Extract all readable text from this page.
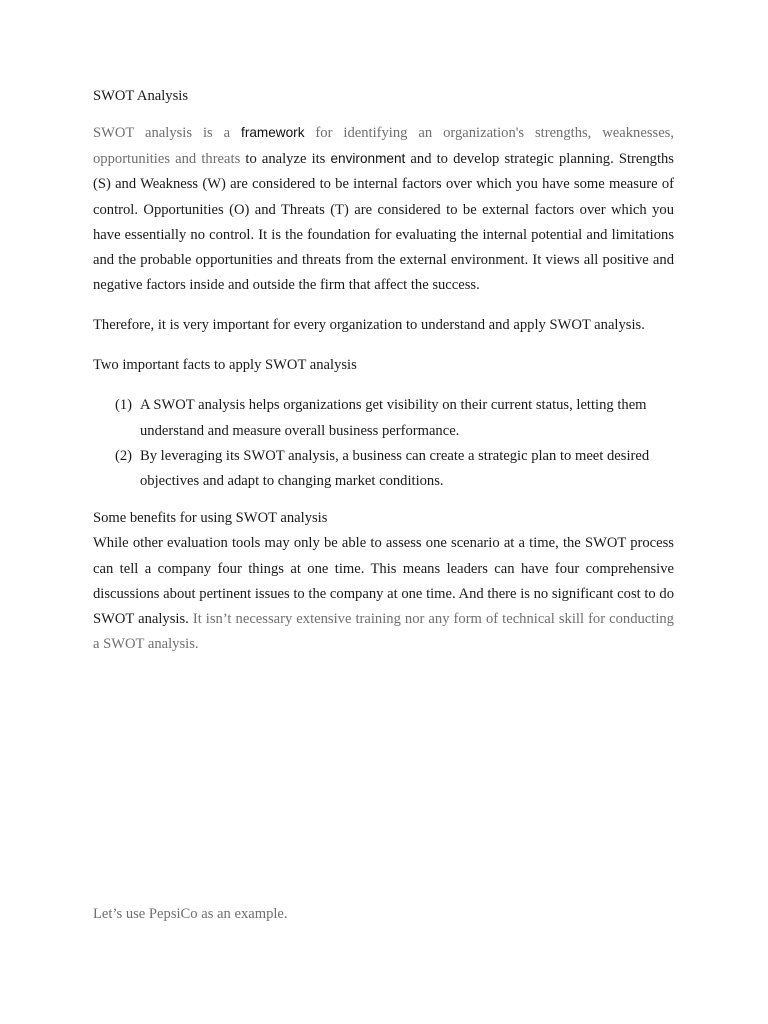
SWOT Analysis

SWOT analysis is a framework for identifying an organization's strengths, weaknesses, opportunities and threats to analyze its environment and to develop strategic planning. Strengths (S) and Weakness (W) are considered to be internal factors over which you have some measure of control. Opportunities (O) and Threats (T) are considered to be external factors over which you have essentially no control. It is the foundation for evaluating the internal potential and limitations and the probable opportunities and threats from the external environment. It views all positive and negative factors inside and outside the firm that affect the success.

Therefore, it is very important for every organization to understand and apply SWOT analysis.

Two important facts to apply SWOT analysis

(1) A SWOT analysis helps organizations get visibility on their current status, letting them understand and measure overall business performance.
(2) By leveraging its SWOT analysis, a business can create a strategic plan to meet desired objectives and adapt to changing market conditions.

Some benefits for using SWOT analysis

While other evaluation tools may only be able to assess one scenario at a time, the SWOT process can tell a company four things at one time. This means leaders can have four comprehensive discussions about pertinent issues to the company at one time. And there is no significant cost to do SWOT analysis. It isn’t necessary extensive training nor any form of technical skill for conducting a SWOT analysis.

Let’s use PepsiCo as an example.
